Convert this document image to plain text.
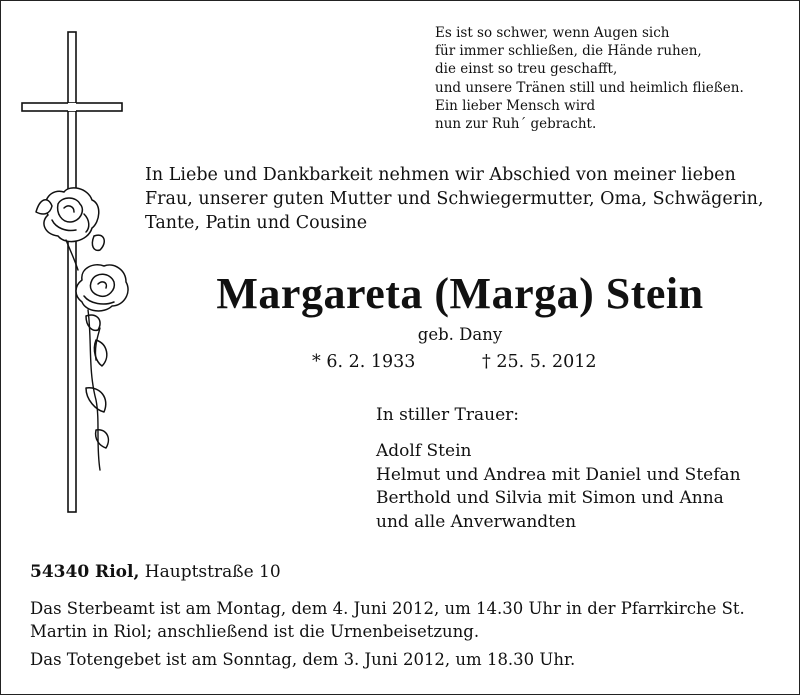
Es ist so schwer, wenn Augen sich
für immer schließen, die Hände ruhen,
die einst so treu geschafft,
und unsere Tränen still und heimlich fließen.
Ein lieber Mensch wird
nun zur Ruh´ gebracht.
In Liebe und Dankbarkeit nehmen wir Abschied von meiner lieben Frau, unserer guten Mutter und Schwiegermutter, Oma, Schwägerin, Tante, Patin und Cousine
Margareta (Marga) Stein
geb. Dany
* 6. 2. 1933	† 25. 5. 2012
In stiller Trauer:
Adolf Stein
Helmut und Andrea mit Daniel und Stefan
Berthold und Silvia mit Simon und Anna
und alle Anverwandten
54340 Riol, Hauptstraße 10
Das Sterbeamt ist am Montag, dem 4. Juni 2012, um 14.30 Uhr in der Pfarrkirche St. Martin in Riol; anschließend ist die Urnenbeisetzung.
Das Totengebet ist am Sonntag, dem 3. Juni 2012, um 18.30 Uhr.
